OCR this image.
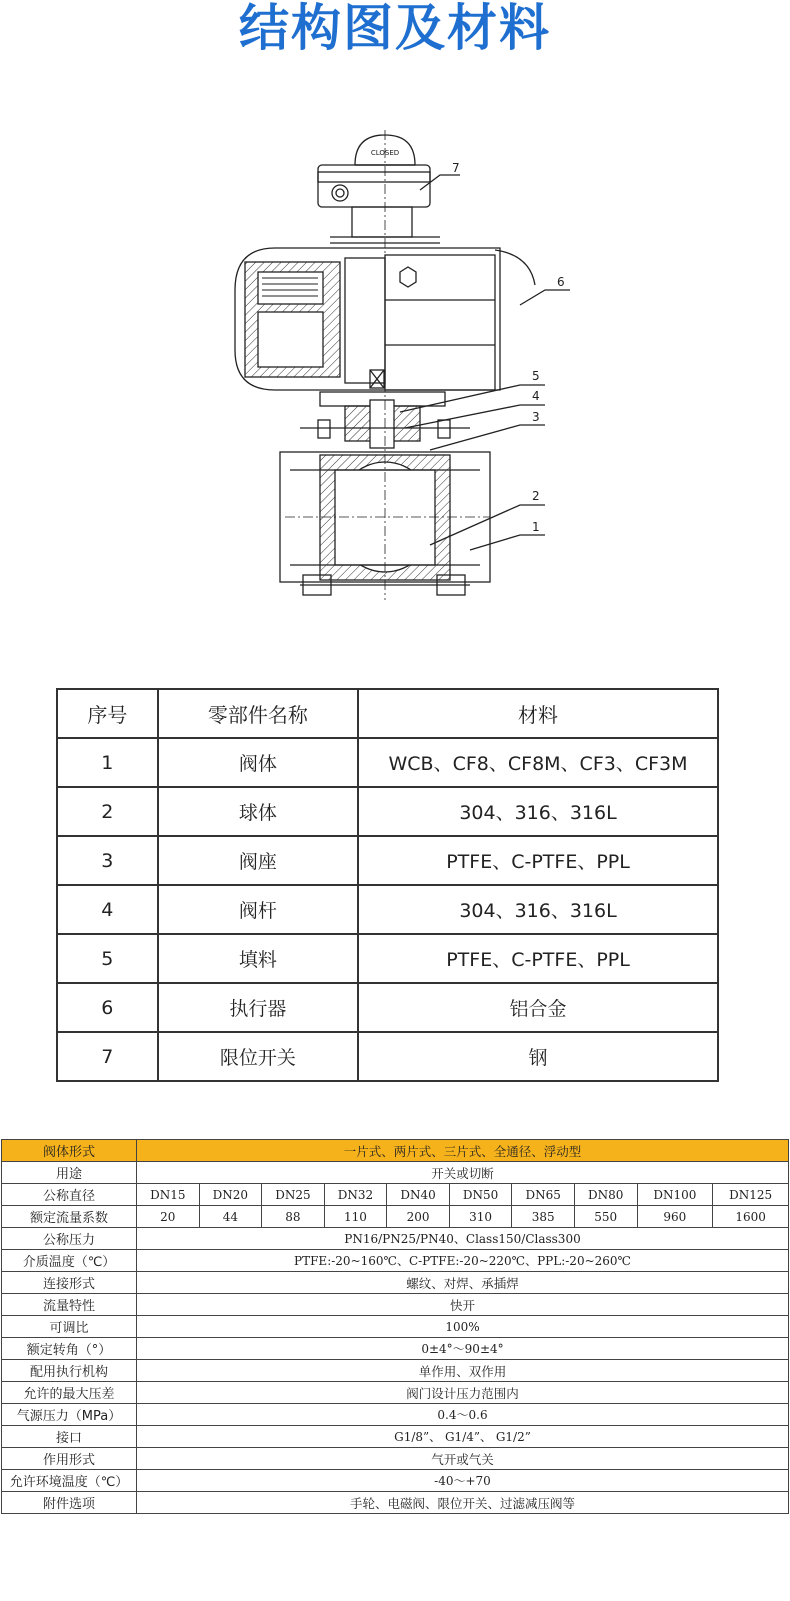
结构图及材料
CLOSED
7
6
5
4
3
2
1
序号	零部件名称	材料
1	阀体	WCB、CF8、CF8M、CF3、CF3M
2	球体	304、316、316L
3	阀座	PTFE、C-PTFE、PPL
4	阀杆	304、316、316L
5	填料	PTFE、C-PTFE、PPL
6	执行器	铝合金
7	限位开关	钢
阀体形式	一片式、两片式、三片式、全通径、浮动型									
用途	开关或切断									
公称直径	DN15	DN20	DN25	DN32	DN40	DN50	DN65	DN80	DN100	DN125
额定流量系数	20	44	88	110	200	310	385	550	960	1600
公称压力	PN16/PN25/PN40、Class150/Class300									
介质温度（℃）	PTFE:-20~160℃、C-PTFE:-20~220℃、PPL:-20~260℃									
连接形式	螺纹、对焊、承插焊									
流量特性	快开									
可调比	100%									
额定转角（°）	0±4°～90±4°									
配用执行机构	单作用、双作用									
允许的最大压差	阀门设计压力范围内									
气源压力（MPa）	0.4～0.6									
接口	G1/8”、 G1/4”、 G1/2”									
作用形式	气开或气关									
允许环境温度（℃）	-40～+70									
附件选项	手轮、电磁阀、限位开关、过滤减压阀等									
